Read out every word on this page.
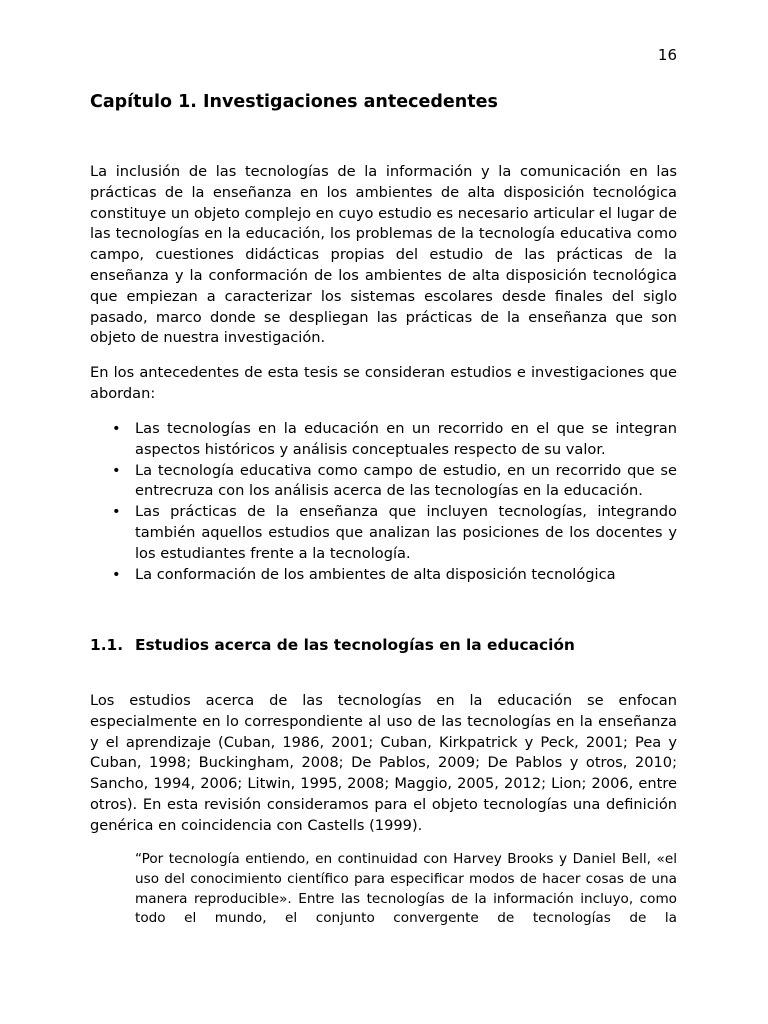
16
Capítulo 1. Investigaciones antecedentes

La inclusión de las tecnologías de la información y la comunicación en las prácticas de la enseñanza en los ambientes de alta disposición tecnológica constituye un objeto complejo en cuyo estudio es necesario articular el lugar de las tecnologías en la educación, los problemas de la tecnología educativa como campo, cuestiones didácticas propias del estudio de las prácticas de la enseñanza y la conformación de los ambientes de alta disposición tecnológica que empiezan a caracterizar los sistemas escolares desde finales del siglo pasado, marco donde se despliegan las prácticas de la enseñanza que son objeto de nuestra investigación.

En los antecedentes de esta tesis se consideran estudios e investigaciones que abordan:

• Las tecnologías en la educación en un recorrido en el que se integran aspectos históricos y análisis conceptuales respecto de su valor.
• La tecnología educativa como campo de estudio, en un recorrido que se entrecruza con los análisis acerca de las tecnologías en la educación.
• Las prácticas de la enseñanza que incluyen tecnologías, integrando también aquellos estudios que analizan las posiciones de los docentes y los estudiantes frente a la tecnología.
• La conformación de los ambientes de alta disposición tecnológica
1.1. Estudios acerca de las tecnologías en la educación

Los estudios acerca de las tecnologías en la educación se enfocan especialmente en lo correspondiente al uso de las tecnologías en la enseñanza y el aprendizaje (Cuban, 1986, 2001; Cuban, Kirkpatrick y Peck, 2001; Pea y Cuban, 1998; Buckingham, 2008; De Pablos, 2009; De Pablos y otros, 2010; Sancho, 1994, 2006; Litwin, 1995, 2008; Maggio, 2005, 2012; Lion; 2006, entre otros). En esta revisión consideramos para el objeto tecnologías una definición genérica en coincidencia con Castells (1999).

“Por tecnología entiendo, en continuidad con Harvey Brooks y Daniel Bell, «el uso del conocimiento científico para especificar modos de hacer cosas de una manera reproducible». Entre las tecnologías de la información incluyo, como todo el mundo, el conjunto convergente de tecnologías de la
